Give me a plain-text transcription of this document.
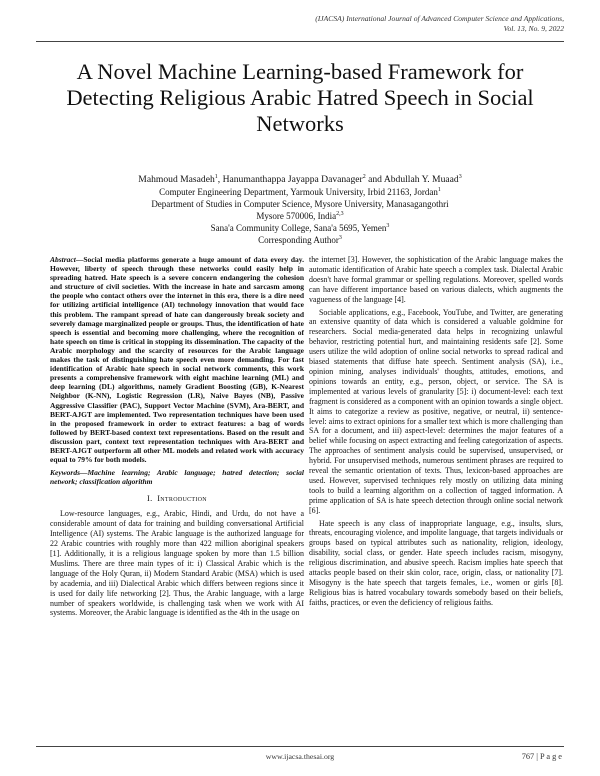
(IJACSA) International Journal of Advanced Computer Science and Applications,
Vol. 13, No. 9, 2022
A Novel Machine Learning-based Framework for Detecting Religious Arabic Hatred Speech in Social Networks
Mahmoud Masadeh$^1$, Hanumanthappa Jayappa Davanager$^2$ and Abdullah Y. Muaad$^3$
Computer Engineering Department, Yarmouk University, Irbid 21163, Jordan$^1$
Department of Studies in Computer Science, Mysore University, Manasagangothri
Mysore 570006, India$^{2,3}$
Sana'a Community College, Sana'a 5695, Yemen$^3$
Corresponding Author$^3$
Abstract—Social media platforms generate a huge amount of data every day. However, liberty of speech through these networks could easily help in spreading hatred. Hate speech is a severe concern endangering the cohesion and structure of civil societies. With the increase in hate and sarcasm among the people who contact others over the internet in this era, there is a dire need for utilizing artificial intelligence (AI) technology innovation that would face this problem. The rampant spread of hate can dangerously break society and severely damage marginalized people or groups. Thus, the identification of hate speech is essential and becoming more challenging, where the recognition of hate speech on time is critical in stopping its dissemination. The capacity of the Arabic morphology and the scarcity of resources for the Arabic language makes the task of distinguishing hate speech even more demanding. For fast identification of Arabic hate speech in social network comments, this work presents a comprehensive framework with eight machine learning (ML) and deep learning (DL) algorithms, namely Gradient Boosting (GB), K-Nearest Neighbor (K-NN), Logistic Regression (LR), Naive Bayes (NB), Passive Aggressive Classifier (PAC), Support Vector Machine (SVM), Ara-BERT, and BERT-AJGT are implemented. Two representation techniques have been used in the proposed framework in order to extract features: a bag of words followed by BERT-based context text representations. Based on the result and discussion part, context text representation techniques with Ara-BERT and BERT-AJGT outperform all other ML models and related work with accuracy equal to 79% for both models.
Keywords—Machine learning; Arabic language; hatred detection; social network; classification algorithm
I. Introduction

Low-resource languages, e.g., Arabic, Hindi, and Urdu, do not have a considerable amount of data for training and building conversational Artificial Intelligence (AI) systems. The Arabic language is the authorized language for 22 Arabic countries with roughly more than 422 million aboriginal speakers [1]. Additionally, it is a religious language spoken by more than 1.5 billion Muslims. There are three main types of it: i) Classical Arabic which is the language of the Holy Quran, ii) Modern Standard Arabic (MSA) which is used by academia, and iii) Dialectical Arabic which differs between regions since it is used for daily life networking [2]. Thus, the Arabic language, with a large number of speakers worldwide, is challenging task when we work with AI systems. Moreover, the Arabic language is identified as the 4th in the usage on

the internet [3]. However, the sophistication of the Arabic language makes the automatic identification of Arabic hate speech a complex task. Dialectal Arabic doesn't have formal grammar or spelling regulations. Moreover, spelled words can have different importance based on various dialects, which augments the vagueness of the language [4].

Sociable applications, e.g., Facebook, YouTube, and Twitter, are generating an extensive quantity of data which is considered a valuable goldmine for researchers. Social media-generated data helps in recognizing unlawful behavior, restricting potential hurt, and maintaining residents safe [2]. Some users utilize the wild adoption of online social networks to spread radical and biased statements that diffuse hate speech. Sentiment analysis (SA), i.e., opinion mining, analyses individuals' thoughts, attitudes, emotions, and opinions towards an entity, e.g., person, object, or service. The SA is implemented at various levels of granularity [5]: i) document-level: each text fragment is considered as a component with an opinion towards a single object. It aims to categorize a review as positive, negative, or neutral, ii) sentence-level: aims to extract opinions for a smaller text which is more challenging than SA for a document, and iii) aspect-level: determines the major features of a belief while focusing on aspect extracting and feeling categorization of aspects. The approaches of sentiment analysis could be supervised, unsupervised, or hybrid. For unsupervised methods, numerous sentiment phrases are required to reveal the semantic orientation of texts. Thus, lexicon-based approaches are used. However, supervised techniques rely mostly on utilizing data mining tools to build a learning algorithm on a collection of tagged information. A prime application of SA is hate speech detection through online social network [6].

Hate speech is any class of inappropriate language, e.g., insults, slurs, threats, encouraging violence, and impolite language, that targets individuals or groups based on typical attributes such as nationality, religion, ideology, disability, social class, or gender. Hate speech includes racism, misogyny, religious discrimination, and abusive speech. Racism implies hate speech that attacks people based on their skin color, race, origin, class, or nationality [7]. Misogyny is the hate speech that targets females, i.e., women or girls [8]. Religious bias is hatred vocabulary towards somebody based on their beliefs, faiths, practices, or even the deficiency of religious faiths.

www.ijacsa.thesai.org	767 | P a g e
